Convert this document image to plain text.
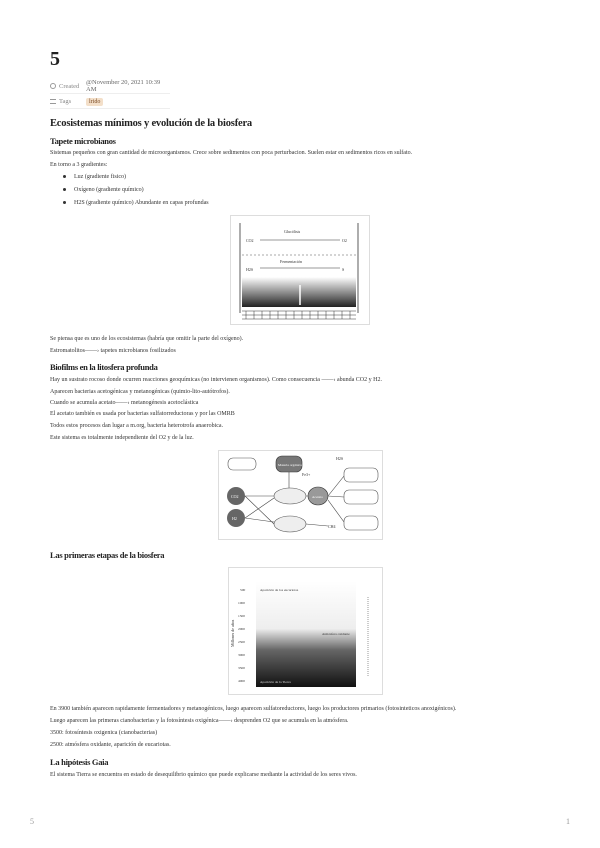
5
Created @November 20, 2021 10:39 AM
Tags	lrido
Ecosistemas mínimos y evolución de la biosfera
Tapete microbianos

Sistemas pequeños con gran cantidad de microorganismos. Crece sobre sedimentos con poca perturbacion. Suelen estar en sedimentos ricos en sulfato.

En torno a 3 gradientes:

Luz (gradiente fisico)
Oxígeno (gradiente químico)
H2S (gradiente químico) Abundante en capas profundas
Glucólisis
Fermentación
CO2
H2S	S
O2

Se piensa que es uno de los ecosistemas (habría que omitir la parte del oxígeno).

Estromatolitos——› tapetes microbianos fosilizados

Biofilms en la litosfera profunda

Hay un sustrato rocoso donde ocurren reacciones geoquímicas (no intervienen organismos). Como consecuencia ——› abunda CO2 y H2.

Aparecen bacterias acetogénicas y metanogénicas (quimio-lito-autótrofos).

Cuando se acumula acetato——› metanogénesis acetoclástica

El acetato también es usada por bacterias sulfatorreductoras y por las OMRB

Todos estos procesos dan lugar a m.org, bacteria heterotrofa anaerobica.

Este sistema es totalmente independiente del O2 y de la luz.

Materia orgánica
CO2
H2
Acetato
CH4
H2S
Fe3+
Las primeras etapas de la biosfera
Millones de años
500
1000
1500
2000
2500
3000
3500
4000
Aparición de los eucariotas
Atmósfera oxidante
Aparición de la Tierra

En 3900 también aparecen rapidamente fermentadores y metanogénicos, luego aparecen sulfatoreductores, luego los productores primarios (fotosinteticos anoxigénicos).

Luego aparecen las primeras cianobacterias y la fotosíntesis oxigénica——› desprenden O2 que se acumula en la atmósfera.

3500: fotosíntesis oxigenica (cianobacterias)

2500: atmósfera oxidante, aparición de eucariotas.

La hipótesis Gaia

El sistema Tierra se encuentra en estado de desequilibrio químico que puede explicarse mediante la actividad de los seres vivos.

5	1
